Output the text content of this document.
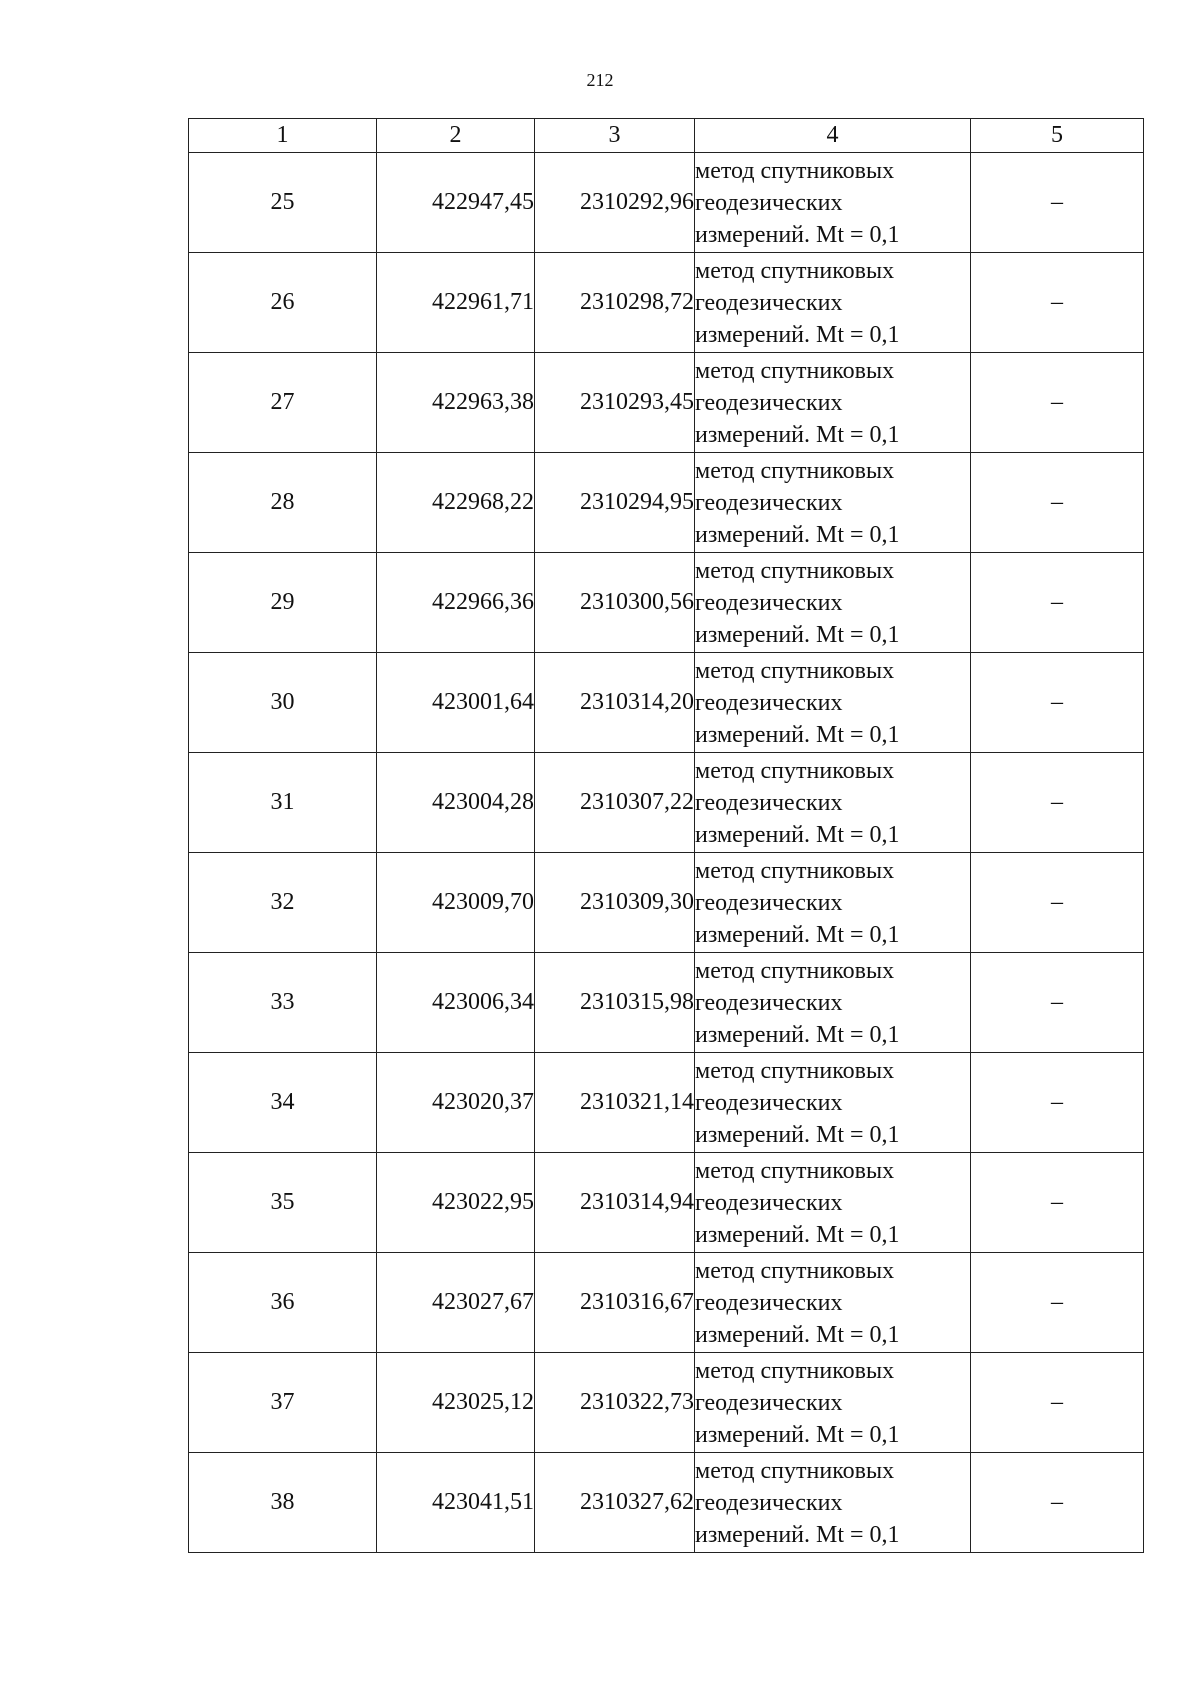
212
1	2	3	4	5
25	422947,45	2310292,96	метод спутниковых
геодезических
измерений. Mt = 0,1	–
26	422961,71	2310298,72	метод спутниковых
геодезических
измерений. Mt = 0,1	–
27	422963,38	2310293,45	метод спутниковых
геодезических
измерений. Mt = 0,1	–
28	422968,22	2310294,95	метод спутниковых
геодезических
измерений. Mt = 0,1	–
29	422966,36	2310300,56	метод спутниковых
геодезических
измерений. Mt = 0,1	–
30	423001,64	2310314,20	метод спутниковых
геодезических
измерений. Mt = 0,1	–
31	423004,28	2310307,22	метод спутниковых
геодезических
измерений. Mt = 0,1	–
32	423009,70	2310309,30	метод спутниковых
геодезических
измерений. Mt = 0,1	–
33	423006,34	2310315,98	метод спутниковых
геодезических
измерений. Mt = 0,1	–
34	423020,37	2310321,14	метод спутниковых
геодезических
измерений. Mt = 0,1	–
35	423022,95	2310314,94	метод спутниковых
геодезических
измерений. Mt = 0,1	–
36	423027,67	2310316,67	метод спутниковых
геодезических
измерений. Mt = 0,1	–
37	423025,12	2310322,73	метод спутниковых
геодезических
измерений. Mt = 0,1	–
38	423041,51	2310327,62	метод спутниковых
геодезических
измерений. Mt = 0,1	–
